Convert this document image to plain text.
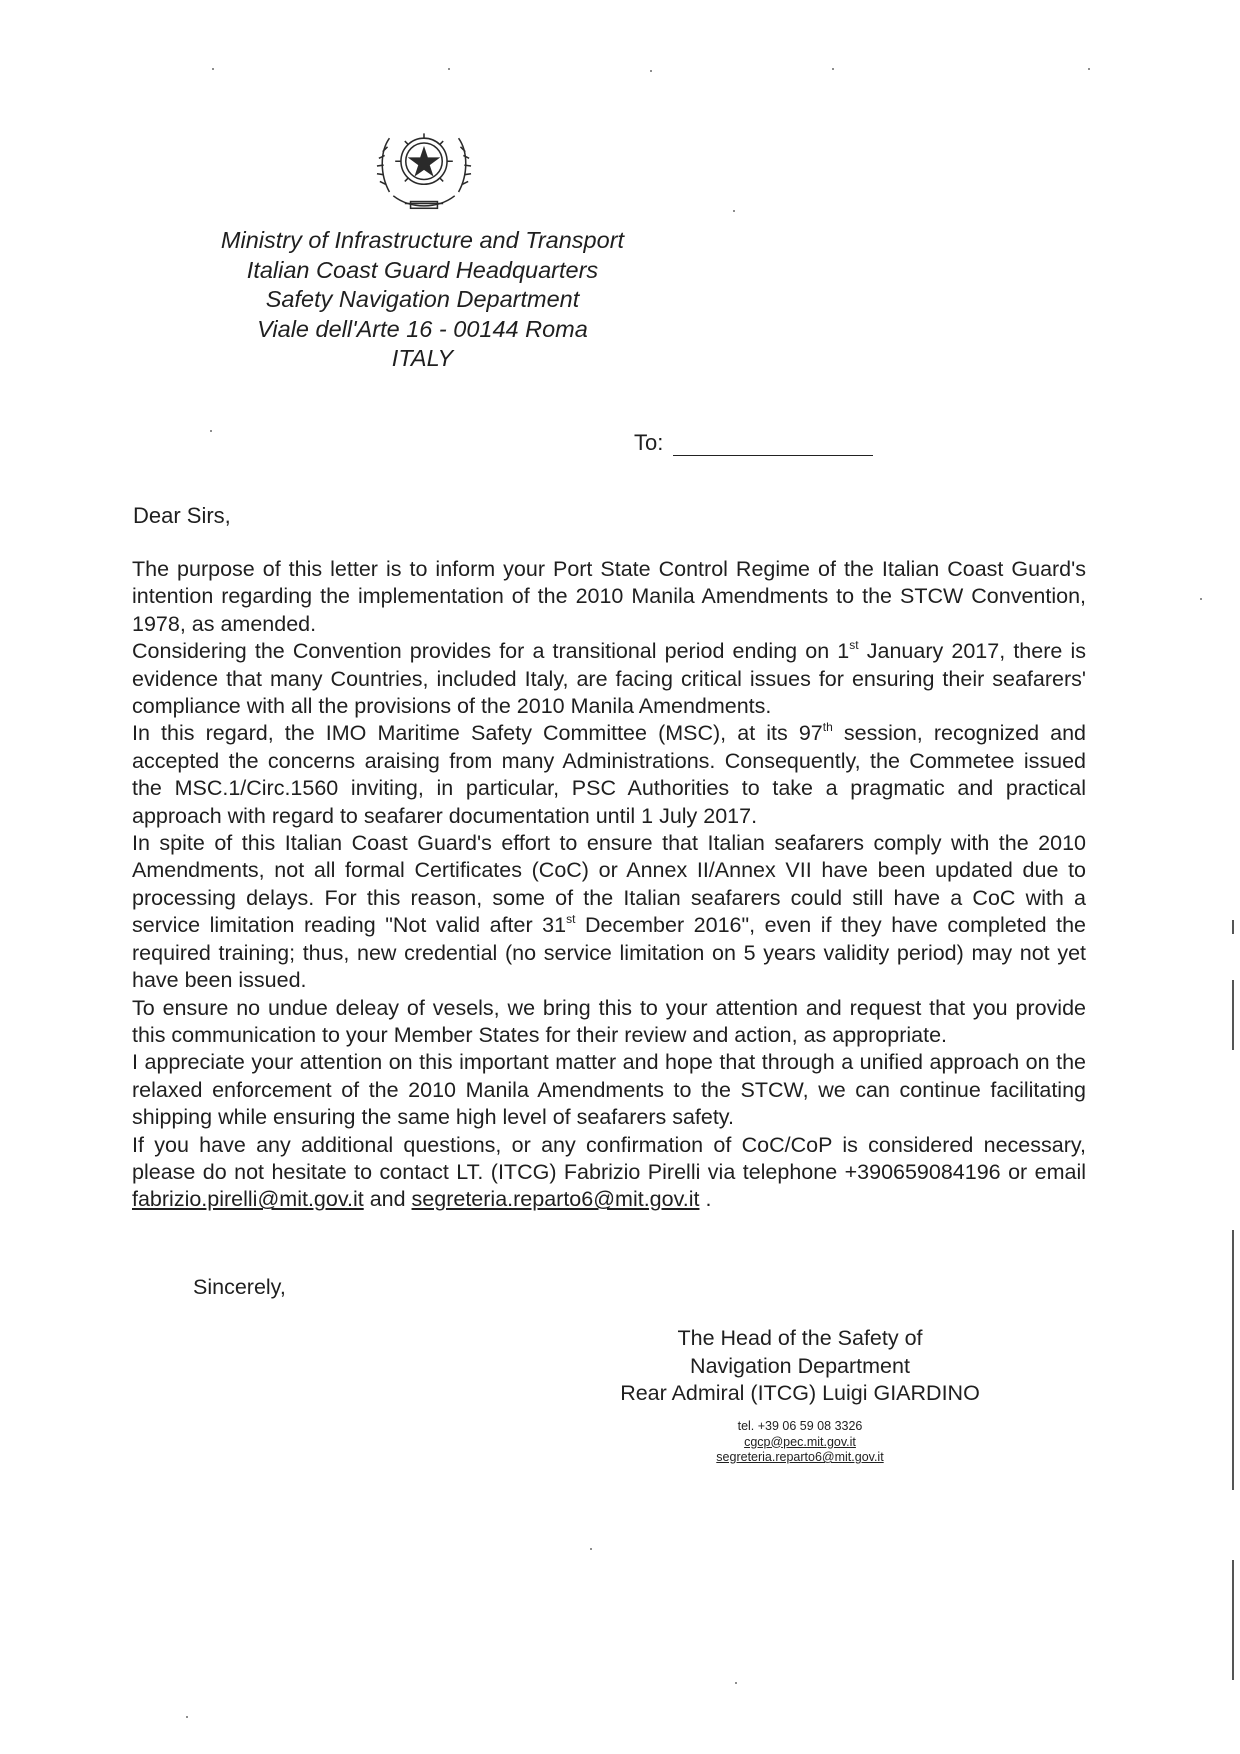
Ministry of Infrastructure and Transport
Italian Coast Guard Headquarters
Safety Navigation Department
Viale dell'Arte 16 - 00144 Roma
ITALY
To:
Dear Sirs,

The purpose of this letter is to inform your Port State Control Regime of the Italian Coast Guard's intention regarding the implementation of the 2010 Manila Amendments to the STCW Convention, 1978, as amended.

Considering the Convention provides for a transitional period ending on 1st January 2017, there is evidence that many Countries, included Italy, are facing critical issues for ensuring their seafarers' compliance with all the provisions of the 2010 Manila Amendments.

In this regard, the IMO Maritime Safety Committee (MSC), at its 97th session, recognized and accepted the concerns araising from many Administrations. Consequently, the Commetee issued the MSC.1/Circ.1560 inviting, in particular, PSC Authorities to take a pragmatic and practical approach with regard to seafarer documentation until 1 July 2017.

In spite of this Italian Coast Guard's effort to ensure that Italian seafarers comply with the 2010 Amendments, not all formal Certificates (CoC) or Annex II/Annex VII have been updated due to processing delays. For this reason, some of the Italian seafarers could still have a CoC with a service limitation reading "Not valid after 31st December 2016", even if they have completed the required training; thus, new credential (no service limitation on 5 years validity period) may not yet have been issued.

To ensure no undue deleay of vesels, we bring this to your attention and request that you provide this communication to your Member States for their review and action, as appropriate.

I appreciate your attention on this important matter and hope that through a unified approach on the relaxed enforcement of the 2010 Manila Amendments to the STCW, we can continue facilitating shipping while ensuring the same high level of seafarers safety.

If you have any additional questions, or any confirmation of CoC/CoP is considered necessary, please do not hesitate to contact LT. (ITCG) Fabrizio Pirelli via telephone +390659084196 or email fabrizio.pirelli@mit.gov.it and segreteria.reparto6@mit.gov.it .

Sincerely,
The Head of the Safety of
Navigation Department
Rear Admiral (ITCG) Luigi GIARDINO
tel. +39 06 59 08 3326
cgcp@pec.mit.gov.it
segreteria.reparto6@mit.gov.it
